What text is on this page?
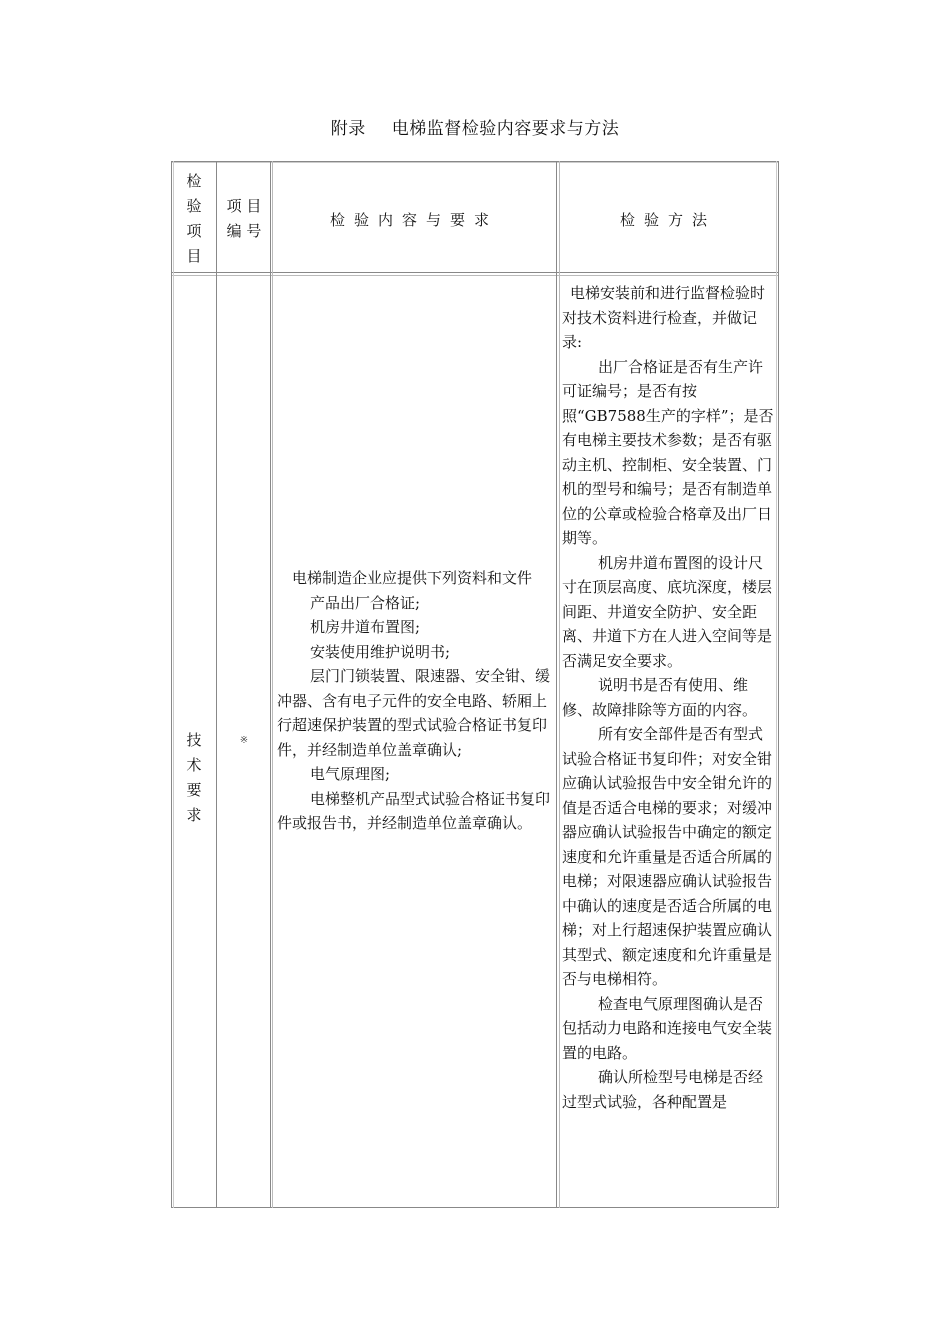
附录 电梯监督检验内容要求与方法
检
验
项
目
项 目
编 号
检验内容与要求	检验方法
技
术
要
求
※

电梯制造企业应提供下列资料和文件

产品出厂合格证;

机房井道布置图;

安装使用维护说明书;

层门门锁装置、限速器、安全钳、缓冲器、含有电子元件的安全电路、轿厢上行超速保护装置的型式试验合格证书复印件，并经制造单位盖章确认;

电气原理图;

电梯整机产品型式试验合格证书复印件或报告书，并经制造单位盖章确认。

电梯安装前和进行监督检验时对技术资料进行检查，并做记录:

出厂合格证是否有生产许可证编号；是否有按照“GB7588生产的字样”；是否有电梯主要技术参数；是否有驱动主机、控制柜、安全装置、门机的型号和编号；是否有制造单位的公章或检验合格章及出厂日期等。

机房井道布置图的设计尺寸在顶层高度、底坑深度，楼层间距、井道安全防护、安全距离、井道下方在人进入空间等是否满足安全要求。

说明书是否有使用、维修、故障排除等方面的内容。

所有安全部件是否有型式试验合格证书复印件；对安全钳应确认试验报告中安全钳允许的　　值是否适合电梯的要求；对缓冲器应确认试验报告中确定的额定速度和允许重量是否适合所属的电梯；对限速器应确认试验报告中确认的速度是否适合所属的电梯；对上行超速保护装置应确认其型式、额定速度和允许重量是否与电梯相符。

检查电气原理图确认是否包括动力电路和连接电气安全装置的电路。

确认所检型号电梯是否经过型式试验，各种配置是
